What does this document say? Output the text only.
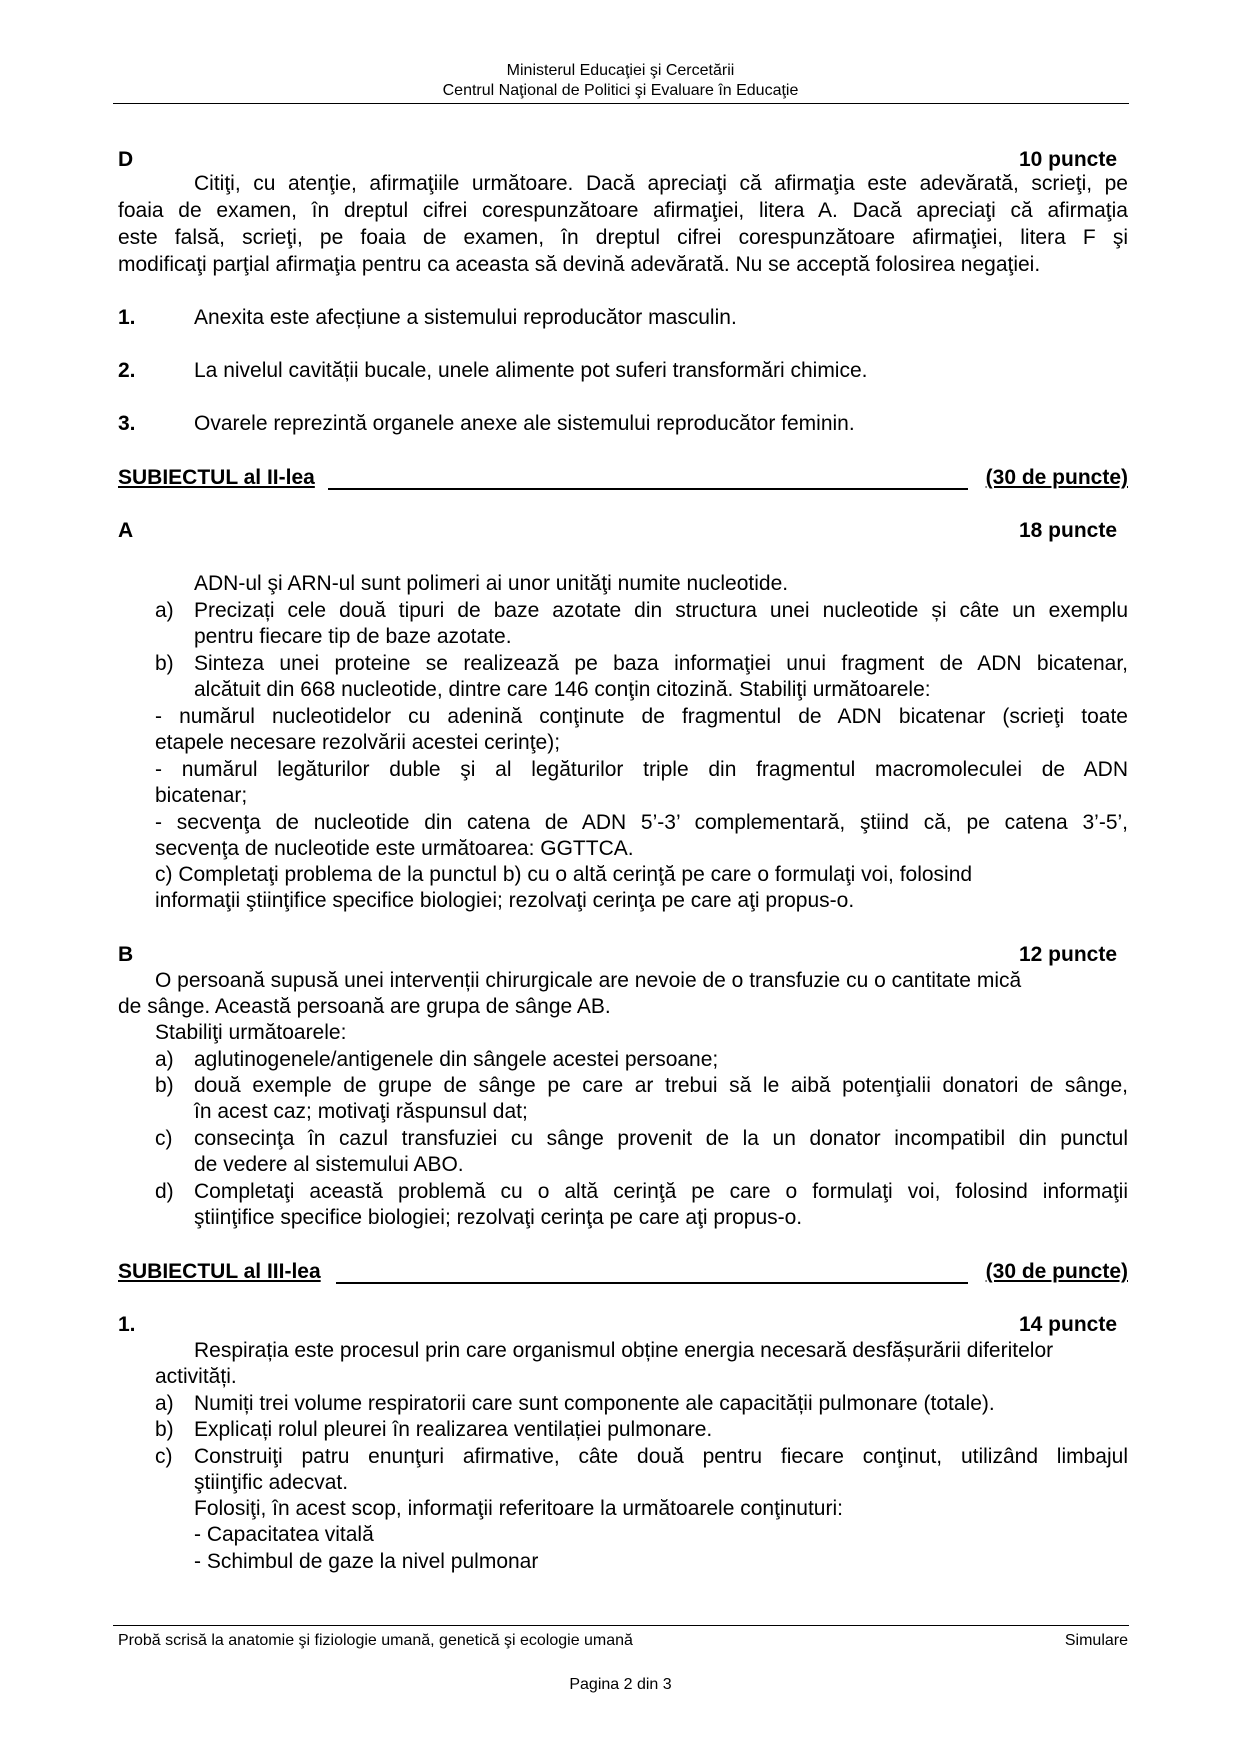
Ministerul Educaţiei şi Cercetării
Centrul Naţional de Politici şi Evaluare în Educaţie
D	10 puncte
Citiţi, cu atenţie, afirmaţiile următoare. Dacă apreciaţi că afirmaţia este adevărată, scrieţi, pe
foaia de examen, în dreptul cifrei corespunzătoare afirmaţiei, litera A. Dacă apreciaţi că afirmaţia
este falsă, scrieţi, pe foaia de examen, în dreptul cifrei corespunzătoare afirmaţiei, litera F şi
modificaţi parţial afirmaţia pentru ca aceasta să devină adevărată. Nu se acceptă folosirea negaţiei.
1.	Anexita este afecțiune a sistemului reproducător masculin.
2.	La nivelul cavității bucale, unele alimente pot suferi transformări chimice.
3.	Ovarele reprezintă organele anexe ale sistemului reproducător feminin.
SUBIECTUL al II-lea	(30 de puncte)
A	18 puncte
ADN-ul şi ARN-ul sunt polimeri ai unor unităţi numite nucleotide.
a) Precizați cele două tipuri de baze azotate din structura unei nucleotide și câte un exemplu
pentru fiecare tip de baze azotate.
b) Sinteza unei proteine se realizează pe baza informaţiei unui fragment de ADN bicatenar,
alcătuit din 668 nucleotide, dintre care 146 conţin citozină. Stabiliţi următoarele:
- numărul nucleotidelor cu adenină conţinute de fragmentul de ADN bicatenar (scrieţi toate
etapele necesare rezolvării acestei cerinţe);
- numărul legăturilor duble şi al legăturilor triple din fragmentul macromoleculei de ADN
bicatenar;
- secvenţa de nucleotide din catena de ADN 5’-3’ complementară, ştiind că, pe catena 3’-5’,
secvenţa de nucleotide este următoarea: GGTTCA.
c) Completaţi problema de la punctul b) cu o altă cerinţă pe care o formulaţi voi, folosind
informaţii ştiinţifice specifice biologiei; rezolvaţi cerinţa pe care aţi propus-o.
B	12 puncte
O persoană supusă unei intervenții chirurgicale are nevoie de o transfuzie cu o cantitate mică
de sânge. Această persoană are grupa de sânge AB.
Stabiliţi următoarele:
a) aglutinogenele/antigenele din sângele acestei persoane;
b) două exemple de grupe de sânge pe care ar trebui să le aibă potenţialii donatori de sânge,
în acest caz; motivaţi răspunsul dat;
c) consecinţa în cazul transfuziei cu sânge provenit de la un donator incompatibil din punctul
de vedere al sistemului ABO.
d) Completaţi această problemă cu o altă cerinţă pe care o formulaţi voi, folosind informaţii
ştiinţifice specifice biologiei; rezolvaţi cerinţa pe care aţi propus-o.
SUBIECTUL al III-lea	(30 de puncte)
1.	14 puncte
Respirația este procesul prin care organismul obține energia necesară desfășurării diferitelor
activități.
a) Numiți trei volume respiratorii care sunt componente ale capacității pulmonare (totale).
b) Explicați rolul pleurei în realizarea ventilației pulmonare.
c) Construiţi patru enunţuri afirmative, câte două pentru fiecare conţinut, utilizând limbajul
ştiinţific adecvat.
Folosiţi, în acest scop, informaţii referitoare la următoarele conţinuturi:
- Capacitatea vitală
- Schimbul de gaze la nivel pulmonar
Probă scrisă la anatomie şi fiziologie umană, genetică şi ecologie umană	Simulare
Pagina 2 din 3
